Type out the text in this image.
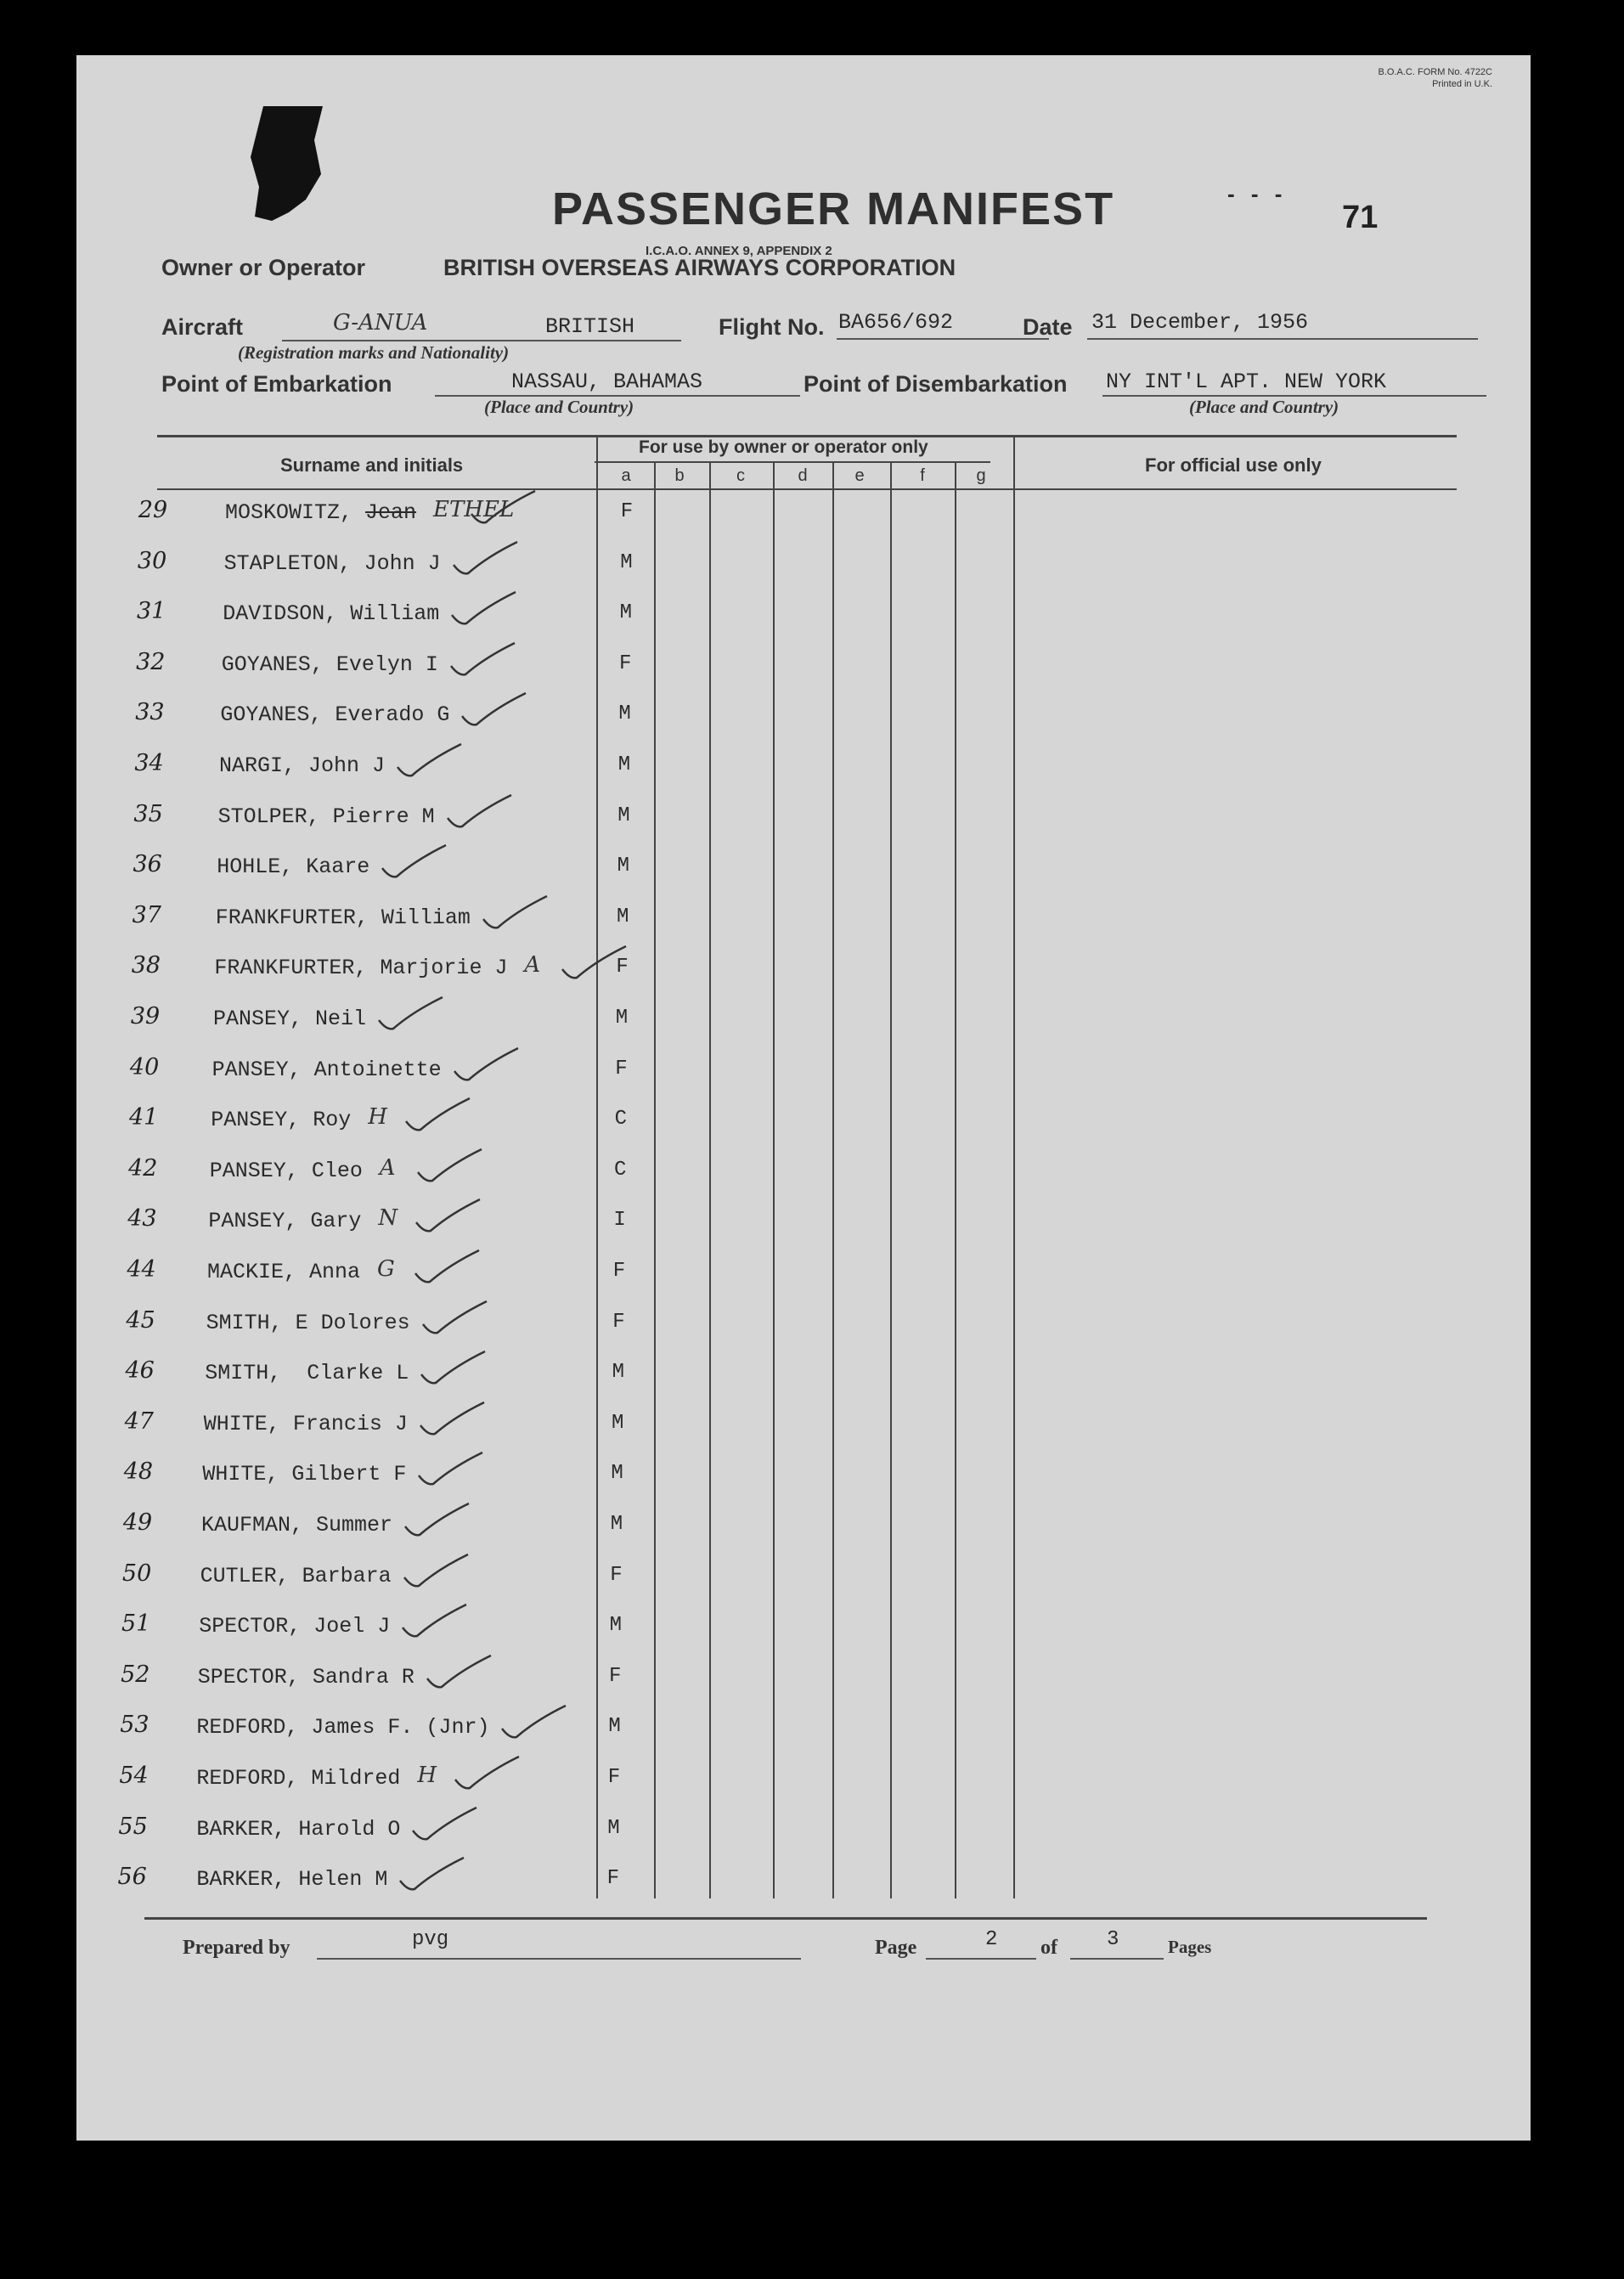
B.O.A.C. FORM No. 4722C
Printed in U.K.
- - -
PASSENGER MANIFEST
I.C.A.O. ANNEX 9, APPENDIX 2
71
Owner or Operator	BRITISH OVERSEAS AIRWAYS CORPORATION
Aircraft	G-ANUA	BRITISH
(Registration marks and Nationality)
Flight No. BA656/692	Date 31 December, 1956
Point of Embarkation	NASSAU, BAHAMAS
(Place and Country)
Point of Disembarkation NY INT'L APT. NEW YORK
(Place and Country)
Surname and initials
For use by owner or operator only
For official use only
a	b	c	d	e	f	g
29	MOSKOWITZ, Jean ETHEL	F
30	STAPLETON, John J	M
31	DAVIDSON, William	M
32	GOYANES, Evelyn I	F
33	GOYANES, Everado G	M
34	NARGI, John J	M
35	STOLPER, Pierre M	M
36	HOHLE, Kaare	M
37	FRANKFURTER, William	M
38	FRANKFURTER, Marjorie J A	F
39	PANSEY, Neil	M
40	PANSEY, Antoinette	F
41	PANSEY, Roy H	C
42	PANSEY, Cleo A	C
43	PANSEY, Gary N	I
44	MACKIE, Anna G	F
45	SMITH, E Dolores	F
46	SMITH,  Clarke L	M
47	WHITE, Francis J	M
48	WHITE, Gilbert F	M
49	KAUFMAN, Summer	M
50	CUTLER, Barbara	F
51	SPECTOR, Joel J	M
52	SPECTOR, Sandra R	F
53	REDFORD, James F. (Jnr)	M
54	REDFORD, Mildred H	F
55	BARKER, Harold O	M
56	BARKER, Helen M	F
Prepared by	pvg	Page	2 of 3	Pages
